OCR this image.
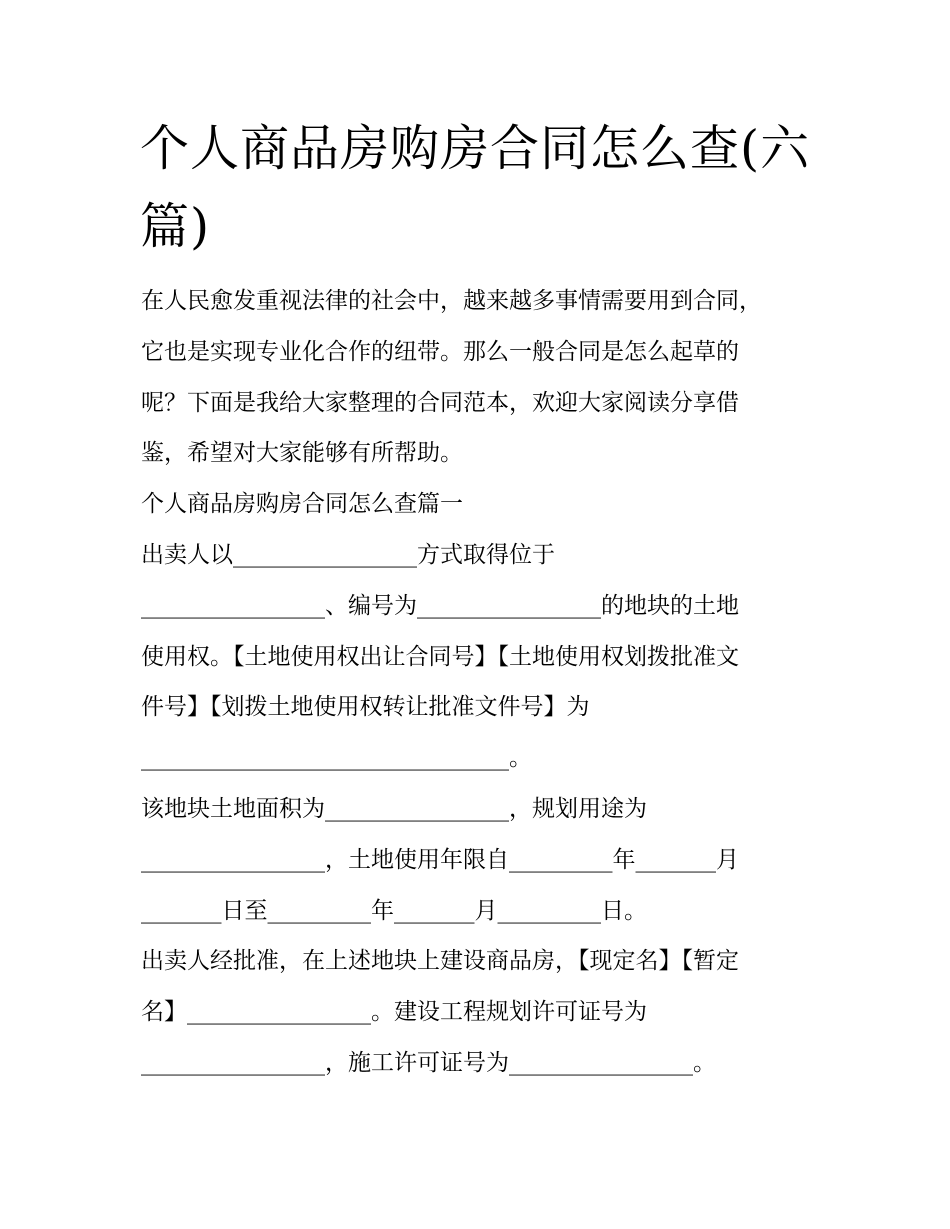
个人商品房购房合同怎么查(六篇)
在人民愈发重视法律的社会中，越来越多事情需要用到合同，
它也是实现专业化合作的纽带。那么一般合同是怎么起草的
呢？下面是我给大家整理的合同范本，欢迎大家阅读分享借
鉴，希望对大家能够有所帮助。
个人商品房购房合同怎么查篇一
出卖人以________________方式取得位于
________________、编号为________________的地块的土地
使用权。【土地使用权出让合同号】【土地使用权划拨批准文
件号】【划拨土地使用权转让批准文件号】为
________________________________。
该地块土地面积为________________，规划用途为
________________，土地使用年限自_________年_______月
_______日至_________年_______月_________日。
出卖人经批准，在上述地块上建设商品房，【现定名】【暂定
名】________________。建设工程规划许可证号为
________________，施工许可证号为________________。
